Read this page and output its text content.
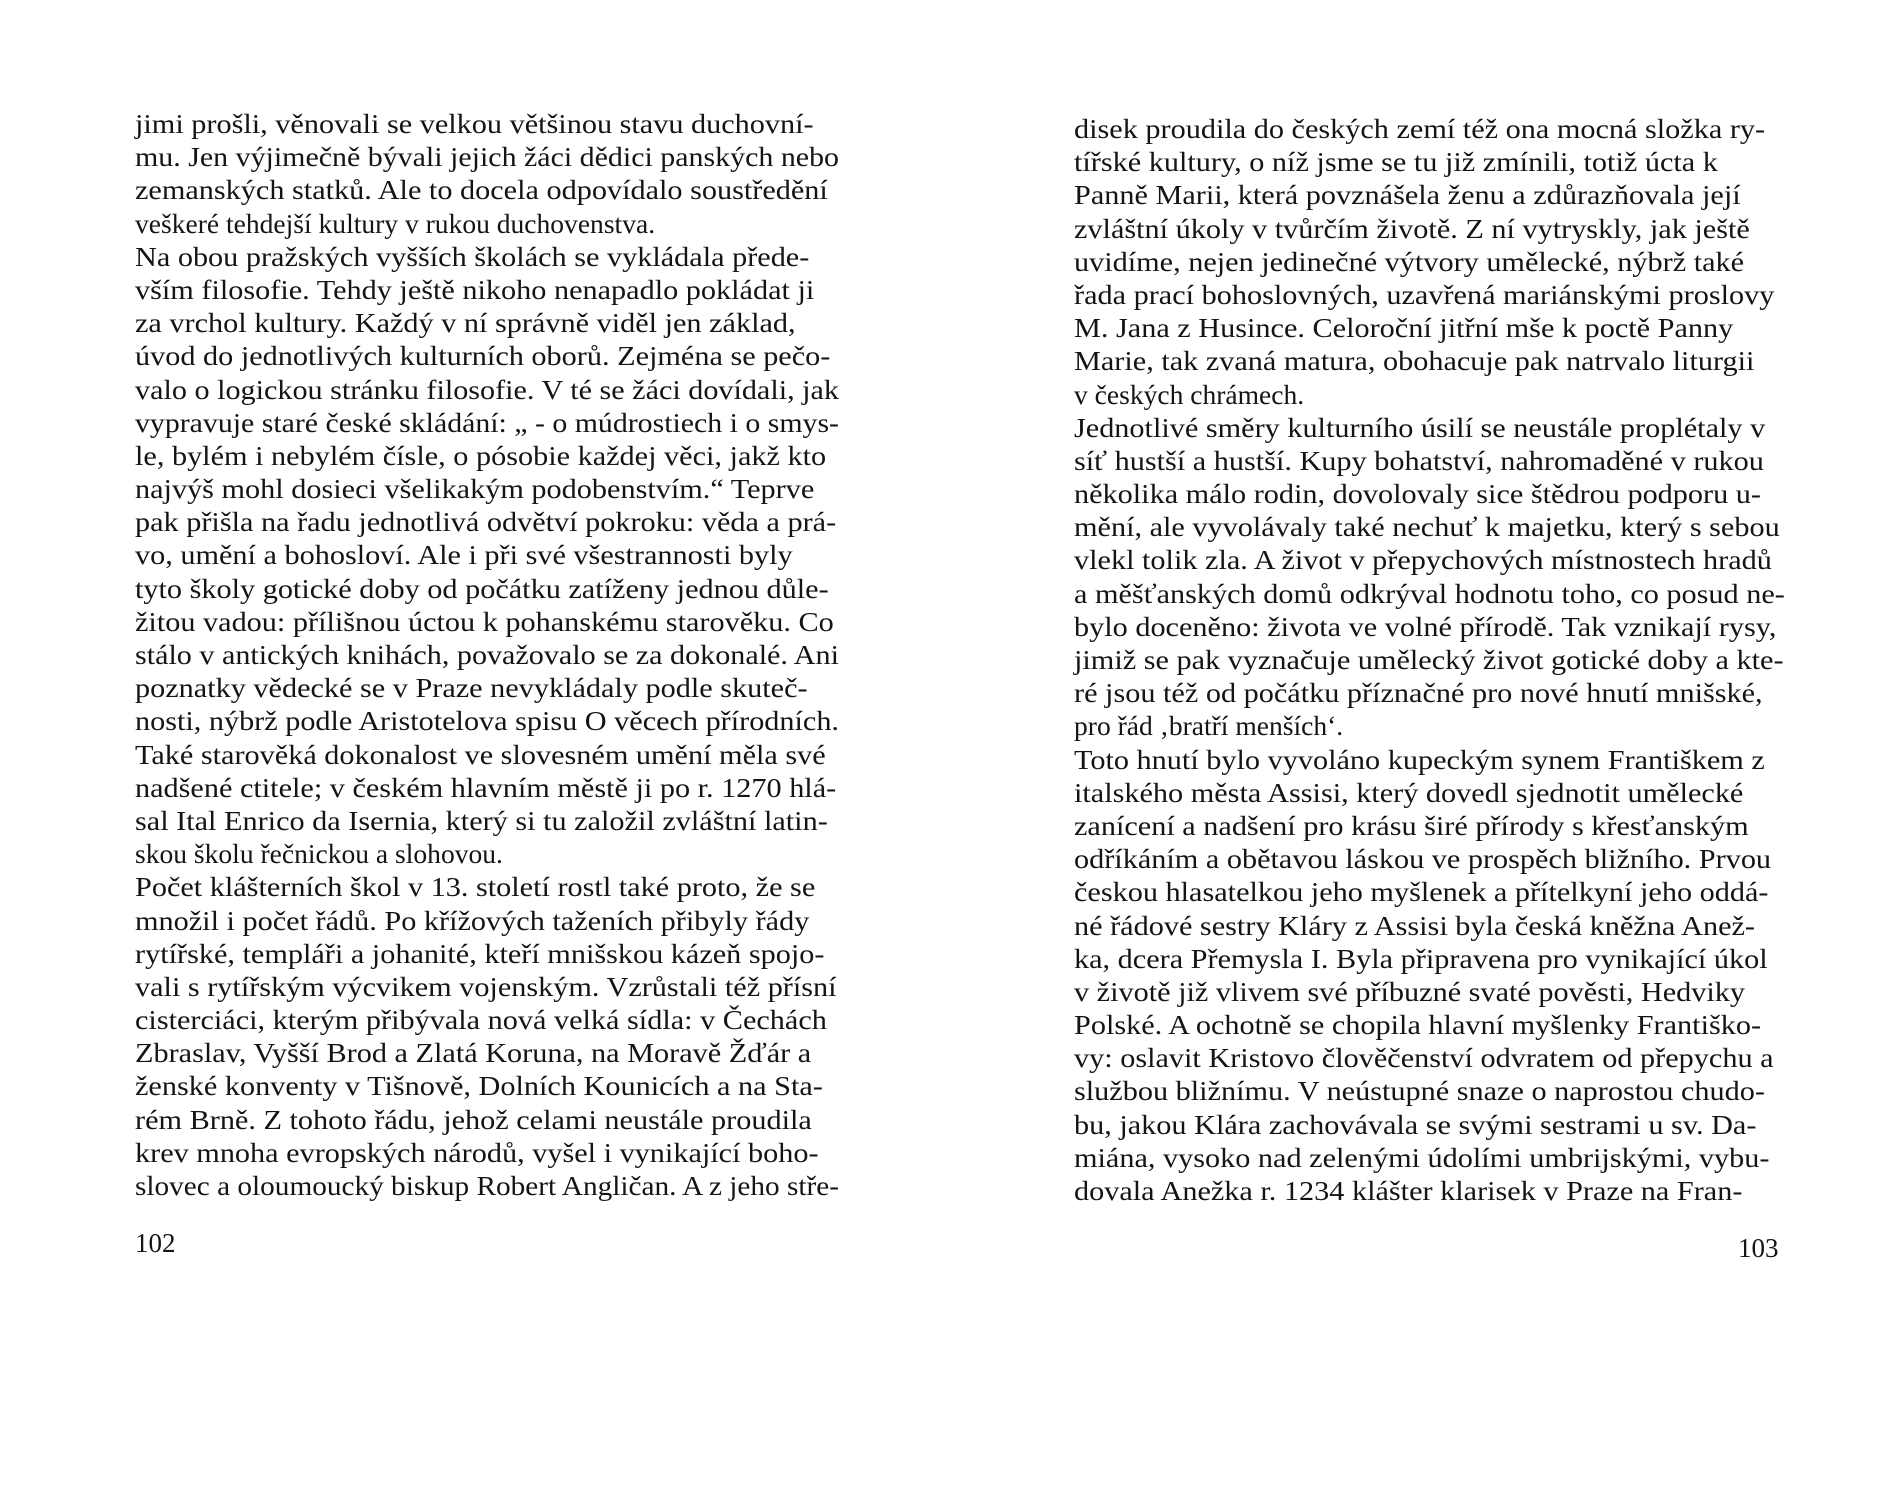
jimi prošli, věnovali se velkou většinou stavu duchovní-
mu. Jen výjimečně bývali jejich žáci dědici panských nebo
zemanských statků. Ale to docela odpovídalo soustředění
veškeré tehdejší kultury v rukou duchovenstva.
Na obou pražských vyšších školách se vykládala přede-
vším filosofie. Tehdy ještě nikoho nenapadlo pokládat ji
za vrchol kultury. Každý v ní správně viděl jen základ,
úvod do jednotlivých kulturních oborů. Zejména se pečo-
valo o logickou stránku filosofie. V té se žáci dovídali, jak
vypravuje staré české skládání: „ - o múdrostiech i o smys-
le, bylém i nebylém čísle, o pósobie každej věci, jakž kto
najvýš mohl dosieci všelikakým podobenstvím.“ Teprve
pak přišla na řadu jednotlivá odvětví pokroku: věda a prá-
vo, umění a bohosloví. Ale i při své všestrannosti byly
tyto školy gotické doby od počátku zatíženy jednou důle-
žitou vadou: přílišnou úctou k pohanskému starověku. Co
stálo v antických knihách, považovalo se za dokonalé. Ani
poznatky vědecké se v Praze nevykládaly podle skuteč-
nosti, nýbrž podle Aristotelova spisu O věcech přírodních.
Také starověká dokonalost ve slovesném umění měla své
nadšené ctitele; v českém hlavním městě ji po r. 1270 hlá-
sal Ital Enrico da Isernia, který si tu založil zvláštní latin-
skou školu řečnickou a slohovou.
Počet klášterních škol v 13. století rostl také proto, že se
množil i počet řádů. Po křížových taženích přibyly řády
rytířské, templáři a johanité, kteří mnišskou kázeň spojo-
vali s rytířským výcvikem vojenským. Vzrůstali též přísní
cisterciáci, kterým přibývala nová velká sídla: v Čechách
Zbraslav, Vyšší Brod a Zlatá Koruna, na Moravě Žďár a
ženské konventy v Tišnově, Dolních Kounicích a na Sta-
rém Brně. Z tohoto řádu, jehož celami neustále proudila
krev mnoha evropských národů, vyšel i vynikající boho-
slovec a oloumoucký biskup Robert Angličan. A z jeho stře-
102
disek proudila do českých zemí též ona mocná složka ry-
tířské kultury, o níž jsme se tu již zmínili, totiž úcta k
Panně Marii, která povznášela ženu a zdůrazňovala její
zvláštní úkoly v tvůrčím životě. Z ní vytryskly, jak ještě
uvidíme, nejen jedinečné výtvory umělecké, nýbrž také
řada prací bohoslovných, uzavřená mariánskými proslovy
M. Jana z Husince. Celoroční jitřní mše k poctě Panny
Marie, tak zvaná matura, obohacuje pak natrvalo liturgii
v českých chrámech.
Jednotlivé směry kulturního úsilí se neustále proplétaly v
síť hustší a hustší. Kupy bohatství, nahromaděné v rukou
několika málo rodin, dovolovaly sice štědrou podporu u-
mění, ale vyvolávaly také nechuť k majetku, který s sebou
vlekl tolik zla. A život v přepychových místnostech hradů
a měšťanských domů odkrýval hodnotu toho, co posud ne-
bylo doceněno: života ve volné přírodě. Tak vznikají rysy,
jimiž se pak vyznačuje umělecký život gotické doby a kte-
ré jsou též od počátku příznačné pro nové hnutí mnišské,
pro řád ‚bratří menších‘.
Toto hnutí bylo vyvoláno kupeckým synem Františkem z
italského města Assisi, který dovedl sjednotit umělecké
zanícení a nadšení pro krásu širé přírody s křesťanským
odříkáním a obětavou láskou ve prospěch bližního. Prvou
českou hlasatelkou jeho myšlenek a přítelkyní jeho oddá-
né řádové sestry Kláry z Assisi byla česká kněžna Anež-
ka, dcera Přemysla I. Byla připravena pro vynikající úkol
v životě již vlivem své příbuzné svaté pověsti, Hedviky
Polské. A ochotně se chopila hlavní myšlenky Františko-
vy: oslavit Kristovo člověčenství odvratem od přepychu a
službou bližnímu. V neústupné snaze o naprostou chudo-
bu, jakou Klára zachovávala se svými sestrami u sv. Da-
miána, vysoko nad zelenými údolími umbrijskými, vybu-
dovala Anežka r. 1234 klášter klarisek v Praze na Fran-
103
